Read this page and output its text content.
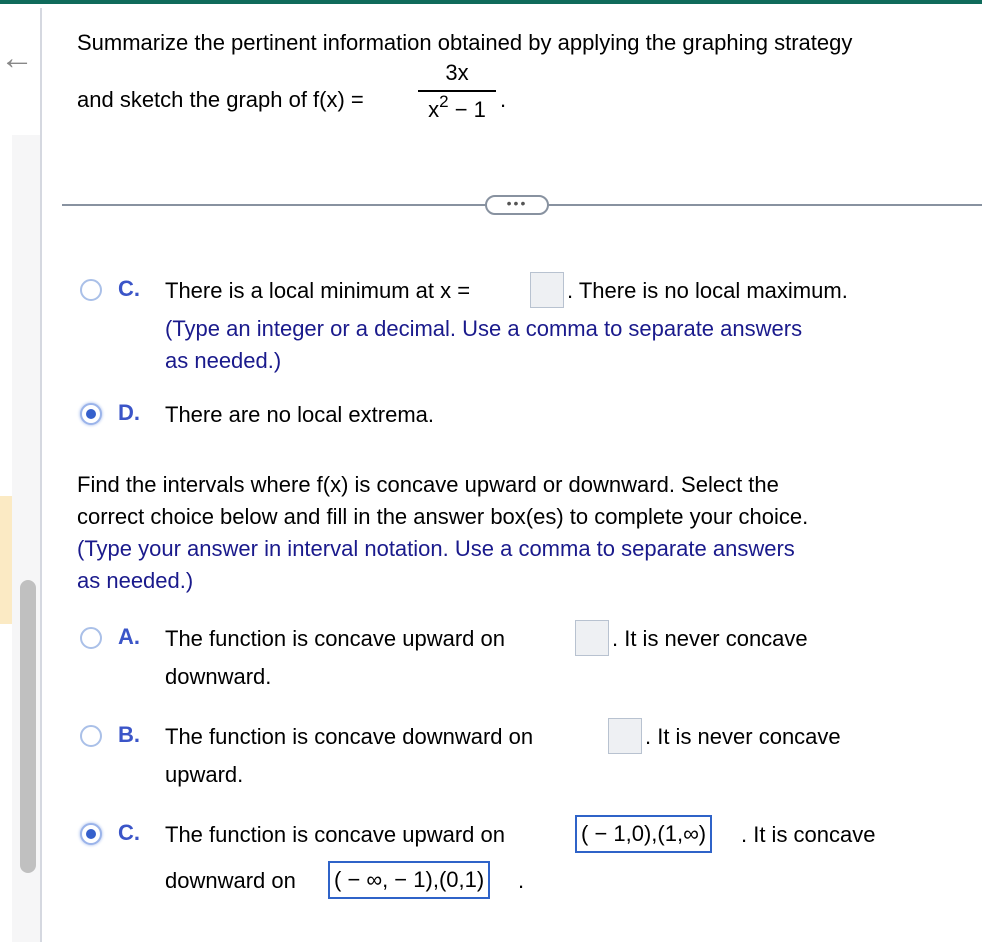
← Summarize the pertinent information obtained by applying the graphing strategy
and sketch the graph of f(x) =
3x
$x^2 - 1$ .
•••
C. There is a local minimum at x =	. There is no local maximum.
(Type an integer or a decimal. Use a comma to separate answers
as needed.)
D. There are no local extrema.
Find the intervals where f(x) is concave upward or downward. Select the
correct choice below and fill in the answer box(es) to complete your choice.
(Type your answer in interval notation. Use a comma to separate answers
as needed.)
A. The function is concave upward on	. It is never concave
downward.
B. The function is concave downward on	. It is never concave
upward.
C. The function is concave upward on	( − 1,0),(1,∞) . It is concave
downward on ( − ∞, − 1),(0,1) .
